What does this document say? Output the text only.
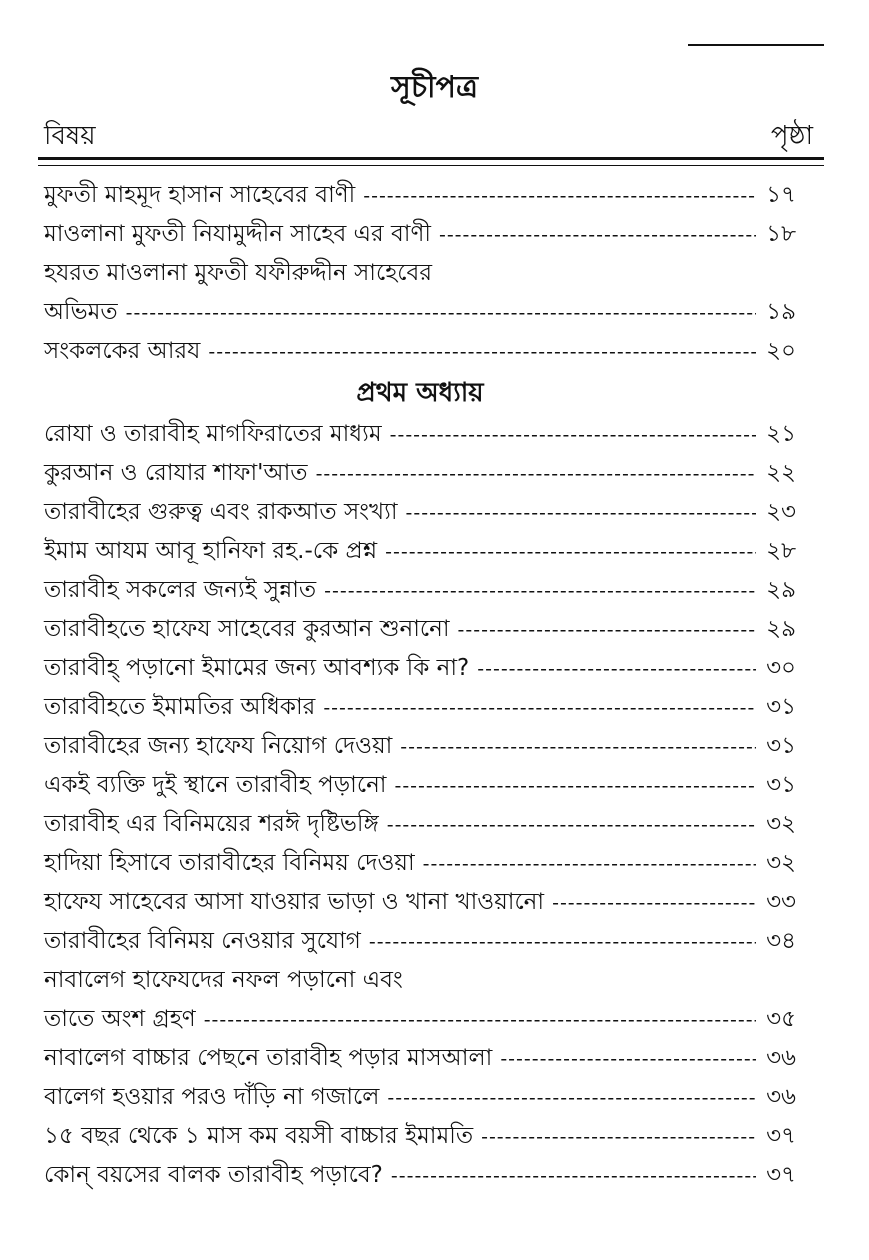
সূচীপত্র
বিষয়	পৃষ্ঠা
মুফতী মাহমূদ হাসান সাহেবের বাণী -----	১৭
মাওলানা মুফতী নিযামুদ্দীন সাহেব এর বাণী -----	১৮
হযরত মাওলানা মুফতী যফীরুদ্দীন সাহেবের
অভিমত -----	১৯
সংকলকের আরয -----	২০
প্রথম অধ্যায়
রোযা ও তারাবীহ মাগফিরাতের মাধ্যম -----	২১
কুরআন ও রোযার শাফা'আত -----	২২
তারাবীহের গুরুত্ব এবং রাকআত সংখ্যা -----	২৩
ইমাম আযম আবূ হানিফা রহ.-কে প্রশ্ন -----	২৮
তারাবীহ সকলের জন্যই সুন্নাত -----	২৯
তারাবীহতে হাফেয সাহেবের কুরআন শুনানো -----	২৯
তারাবীহ্ পড়ানো ইমামের জন্য আবশ্যক কি না? -----	৩০
তারাবীহতে ইমামতির অধিকার -----	৩১
তারাবীহের জন্য হাফেয নিয়োগ দেওয়া -----	৩১
একই ব্যক্তি দুই স্থানে তারাবীহ পড়ানো -----	৩১
তারাবীহ এর বিনিময়ের শরঈ দৃষ্টিভঙ্গি -----	৩২
হাদিয়া হিসাবে তারাবীহের বিনিময় দেওয়া -----	৩২
হাফেয সাহেবের আসা যাওয়ার ভাড়া ও খানা খাওয়ানো -----	৩৩
তারাবীহের বিনিময় নেওয়ার সুযোগ -----	৩৪
নাবালেগ হাফেযদের নফল পড়ানো এবং
তাতে অংশ গ্রহণ -----	৩৫
নাবালেগ বাচ্চার পেছনে তারাবীহ পড়ার মাসআলা -----	৩৬
বালেগ হওয়ার পরও দাঁড়ি না গজালে -----	৩৬
১৫ বছর থেকে ১ মাস কম বয়সী বাচ্চার ইমামতি -----	৩৭
কোন্ বয়সের বালক তারাবীহ পড়াবে? -----	৩৭
